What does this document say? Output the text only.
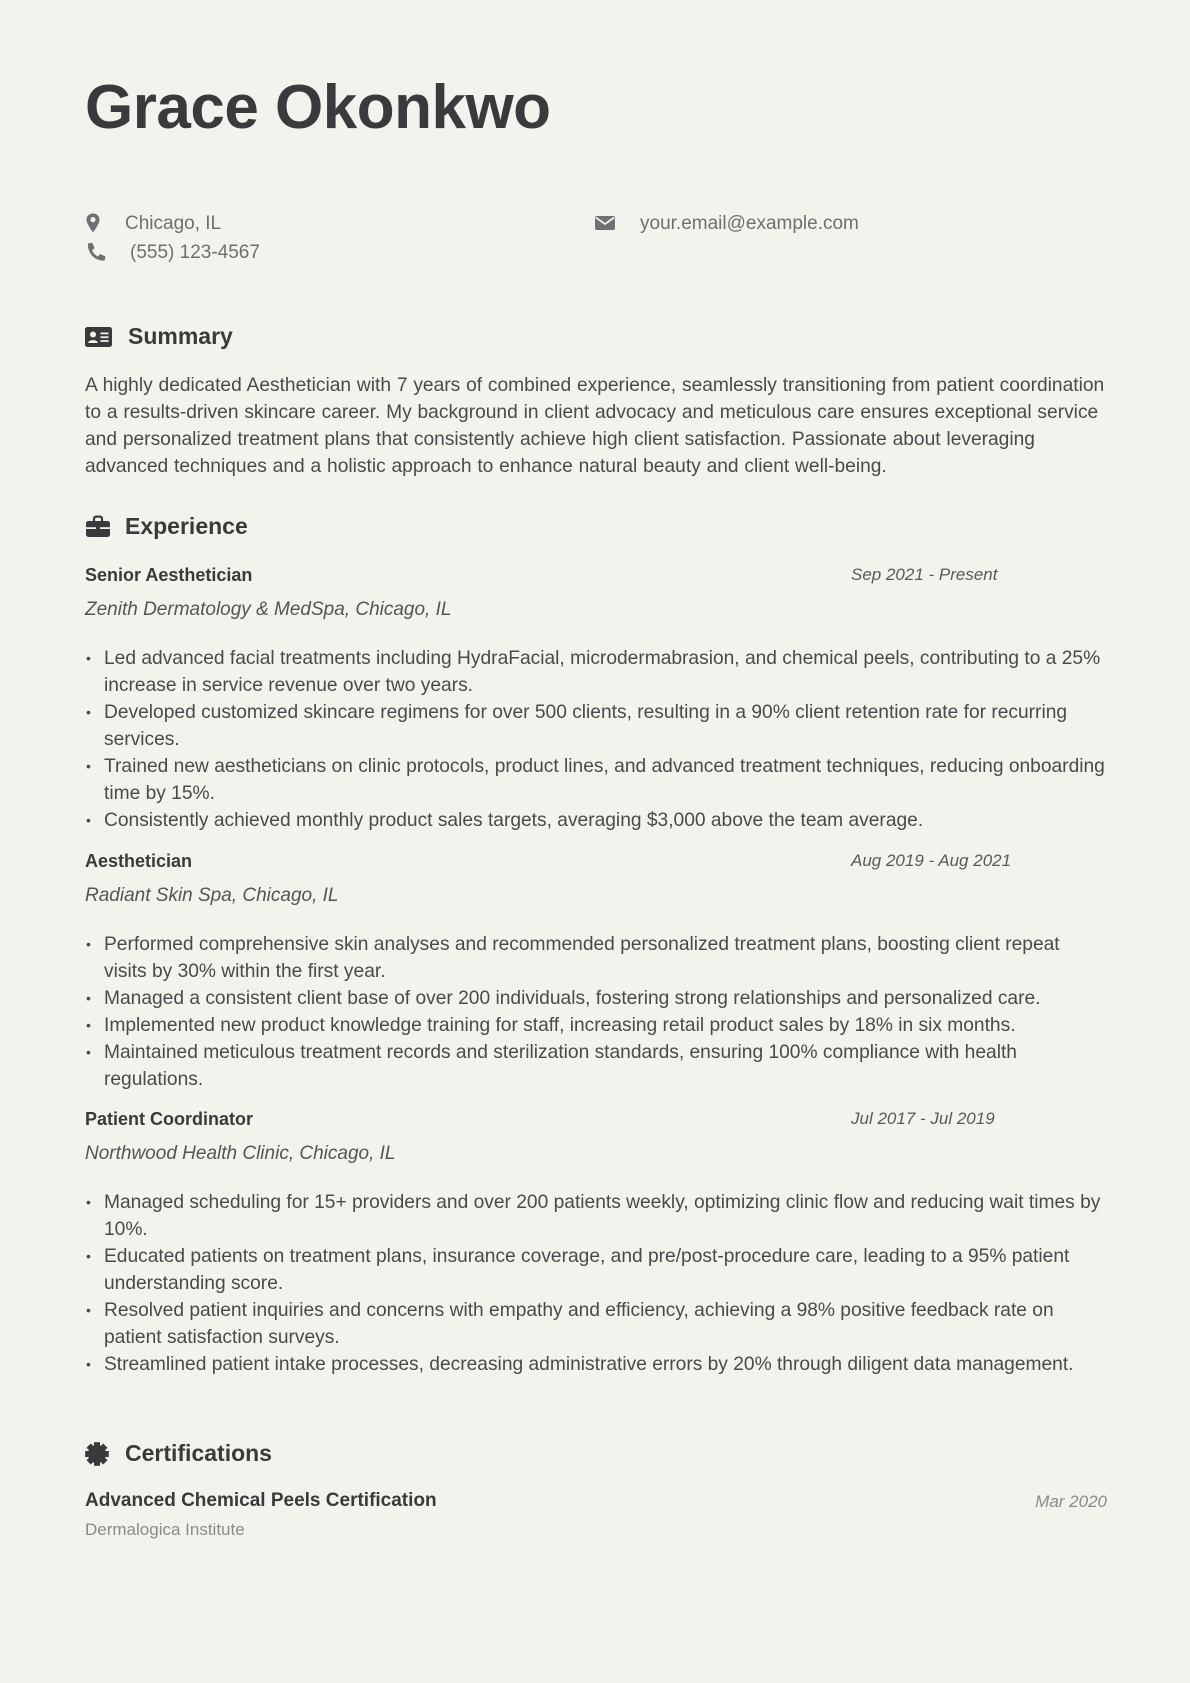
Grace Okonkwo
Chicago, IL
(555) 123-4567
your.email@example.com
Summary

A highly dedicated Aesthetician with 7 years of combined experience, seamlessly transitioning from patient coordination to a results-driven skincare career. My background in client advocacy and meticulous care ensures exceptional service and personalized treatment plans that consistently achieve high client satisfaction. Passionate about leveraging advanced techniques and a holistic approach to enhance natural beauty and client well-being.

Experience
Senior Aesthetician	Sep 2021 - Present
Zenith Dermatology & MedSpa, Chicago, IL
• Led advanced facial treatments including HydraFacial, microdermabrasion, and chemical peels, contributing to a 25% increase in service revenue over two years.
• Developed customized skincare regimens for over 500 clients, resulting in a 90% client retention rate for recurring services.
• Trained new aestheticians on clinic protocols, product lines, and advanced treatment techniques, reducing onboarding time by 15%.
• Consistently achieved monthly product sales targets, averaging $3,000 above the team average.
Aesthetician	Aug 2019 - Aug 2021
Radiant Skin Spa, Chicago, IL
• Performed comprehensive skin analyses and recommended personalized treatment plans, boosting client repeat visits by 30% within the first year.
• Managed a consistent client base of over 200 individuals, fostering strong relationships and personalized care.
• Implemented new product knowledge training for staff, increasing retail product sales by 18% in six months.
• Maintained meticulous treatment records and sterilization standards, ensuring 100% compliance with health regulations.
Patient Coordinator	Jul 2017 - Jul 2019
Northwood Health Clinic, Chicago, IL
• Managed scheduling for 15+ providers and over 200 patients weekly, optimizing clinic flow and reducing wait times by 10%.
• Educated patients on treatment plans, insurance coverage, and pre/post-procedure care, leading to a 95% patient understanding score.
• Resolved patient inquiries and concerns with empathy and efficiency, achieving a 98% positive feedback rate on patient satisfaction surveys.
• Streamlined patient intake processes, decreasing administrative errors by 20% through diligent data management.
Certifications
Advanced Chemical Peels Certification
Dermalogica Institute
Mar 2020
